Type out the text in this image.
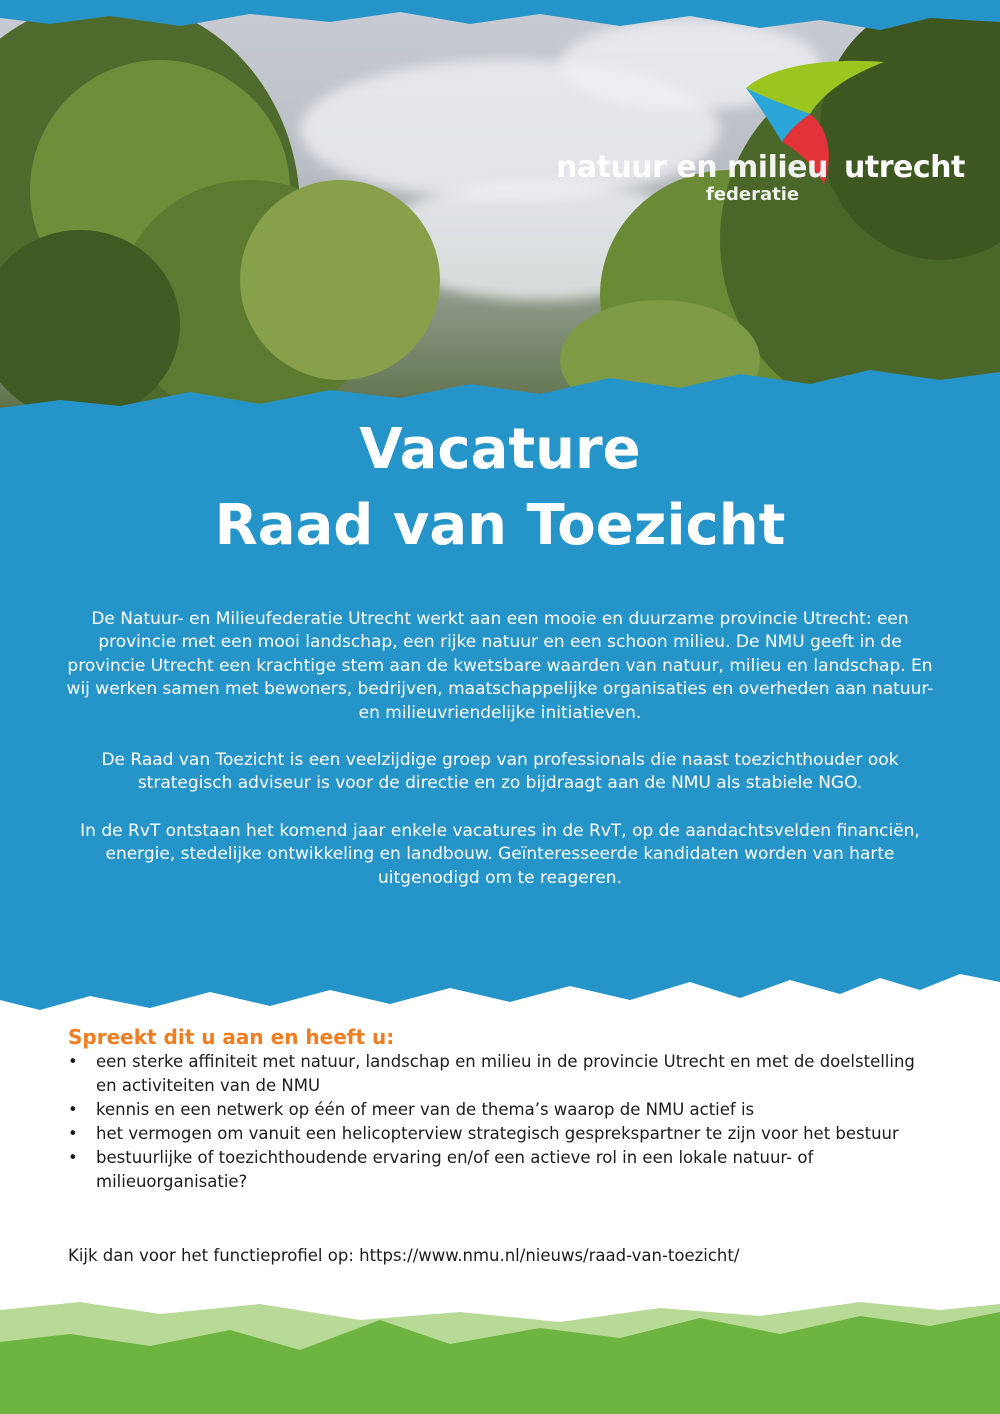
natuur en milieu utrecht
federatie
Vacature
Raad van Toezicht

De Natuur- en Milieufederatie Utrecht werkt aan een mooie en duurzame provincie Utrecht: een provincie met een mooi landschap, een rijke natuur en een schoon milieu. De NMU geeft in de provincie Utrecht een krachtige stem aan de kwetsbare waarden van natuur, milieu en landschap. En wij werken samen met bewoners, bedrijven, maatschappelijke organisaties en overheden aan natuur- en milieuvriendelijke initiatieven.

De Raad van Toezicht is een veelzijdige groep van professionals die naast toezichthouder ook strategisch adviseur is voor de directie en zo bijdraagt aan de NMU als stabiele NGO.

In de RvT ontstaan het komend jaar enkele vacatures in de RvT, op de aandachtsvelden financiën, energie, stedelijke ontwikkeling en landbouw. Geïnteresseerde kandidaten worden van harte uitgenodigd om te reageren.

Spreekt dit u aan en heeft u:
• een sterke affiniteit met natuur, landschap en milieu in de provincie Utrecht en met de doelstelling en activiteiten van de NMU
• kennis en een netwerk op één of meer van de thema’s waarop de NMU actief is
• het vermogen om vanuit een helicopterview strategisch gesprekspartner te zijn voor het bestuur
• bestuurlijke of toezichthoudende ervaring en/of een actieve rol in een lokale natuur- of milieuorganisatie?
Kijk dan voor het functieprofiel op: https://www.nmu.nl/nieuws/raad-van-toezicht/
